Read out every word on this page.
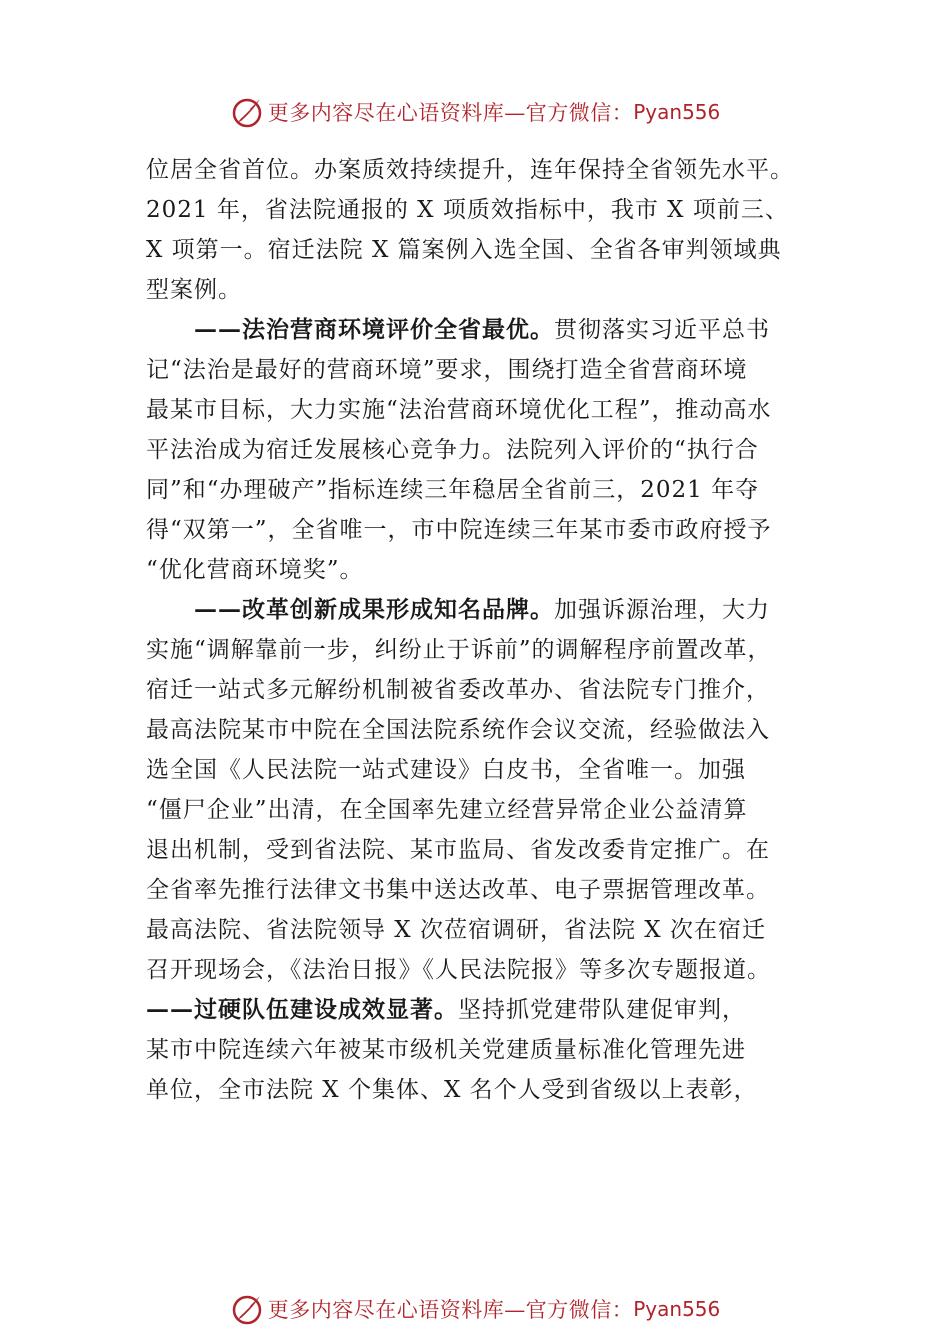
更多内容尽在心语资料库—官方微信： Pyan556
位居全省首位。办案质效持续提升，连年保持全省领先水平。
2021 年，省法院通报的 X 项质效指标中，我市 X 项前三、
X 项第一。宿迁法院 X 篇案例入选全国、全省各审判领域典
型案例。
——法治营商环境评价全省最优。贯彻落实习近平总书
记“法治是最好的营商环境”要求，围绕打造全省营商环境
最某市目标，大力实施“法治营商环境优化工程”，推动高水
平法治成为宿迁发展核心竞争力。法院列入评价的“执行合
同”和“办理破产”指标连续三年稳居全省前三，2021 年夺
得“双第一”，全省唯一，市中院连续三年某市委市政府授予
“优化营商环境奖”。
——改革创新成果形成知名品牌。加强诉源治理，大力
实施“调解靠前一步，纠纷止于诉前”的调解程序前置改革，
宿迁一站式多元解纷机制被省委改革办、省法院专门推介，
最高法院某市中院在全国法院系统作会议交流，经验做法入
选全国《人民法院一站式建设》白皮书，全省唯一。加强
“僵尸企业”出清，在全国率先建立经营异常企业公益清算
退出机制，受到省法院、某市监局、省发改委肯定推广。在
全省率先推行法律文书集中送达改革、电子票据管理改革。
最高法院、省法院领导 X 次莅宿调研，省法院 X 次在宿迁
召开现场会，《法治日报》《人民法院报》等多次专题报道。
——过硬队伍建设成效显著。坚持抓党建带队建促审判，
某市中院连续六年被某市级机关党建质量标准化管理先进
单位，全市法院 X 个集体、X 名个人受到省级以上表彰，
更多内容尽在心语资料库—官方微信： Pyan556
